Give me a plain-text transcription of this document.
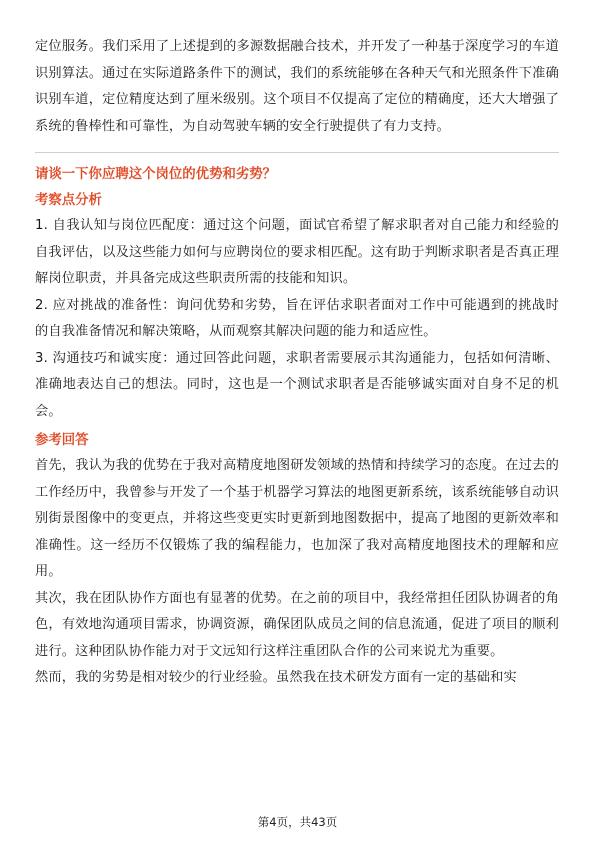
定位服务。我们采用了上述提到的多源数据融合技术，并开发了一种基于深度学习的车道识别算法。通过在实际道路条件下的测试，我们的系统能够在各种天气和光照条件下准确识别车道，定位精度达到了厘米级别。这个项目不仅提高了定位的精确度，还大大增强了系统的鲁棒性和可靠性，为自动驾驶车辆的安全行驶提供了有力支持。

请谈一下你应聘这个岗位的优势和劣势？
考察点分析

1. 自我认知与岗位匹配度：通过这个问题，面试官希望了解求职者对自己能力和经验的自我评估，以及这些能力如何与应聘岗位的要求相匹配。这有助于判断求职者是否真正理解岗位职责，并具备完成这些职责所需的技能和知识。

2. 应对挑战的准备性：询问优势和劣势，旨在评估求职者面对工作中可能遇到的挑战时的自我准备情况和解决策略，从而观察其解决问题的能力和适应性。

3. 沟通技巧和诚实度：通过回答此问题，求职者需要展示其沟通能力，包括如何清晰、准确地表达自己的想法。同时，这也是一个测试求职者是否能够诚实面对自身不足的机会。

参考回答

首先，我认为我的优势在于我对高精度地图研发领域的热情和持续学习的态度。在过去的工作经历中，我曾参与开发了一个基于机器学习算法的地图更新系统，该系统能够自动识别街景图像中的变更点，并将这些变更实时更新到地图数据中，提高了地图的更新效率和准确性。这一经历不仅锻炼了我的编程能力，也加深了我对高精度地图技术的理解和应用。

其次，我在团队协作方面也有显著的优势。在之前的项目中，我经常担任团队协调者的角色，有效地沟通项目需求，协调资源，确保团队成员之间的信息流通，促进了项目的顺利进行。这种团队协作能力对于文远知行这样注重团队合作的公司来说尤为重要。

然而，我的劣势是相对较少的行业经验。虽然我在技术研发方面有一定的基础和实

第4页，共43页
